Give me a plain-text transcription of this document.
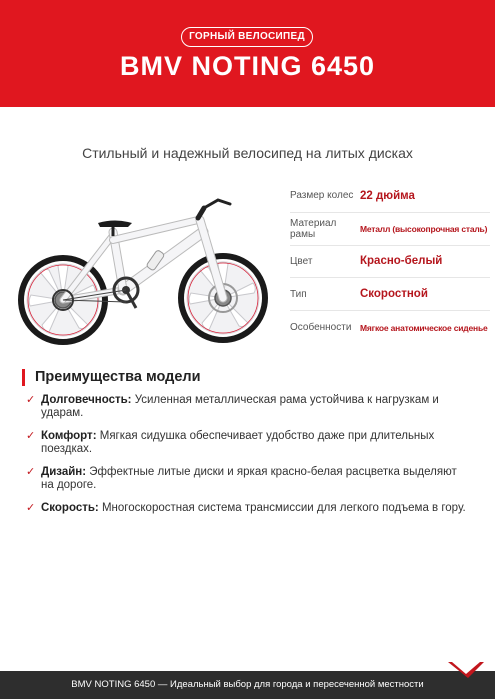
ГОРНЫЙ ВЕЛОСИПЕД
BMV NOTING 6450
Стильный и надежный велосипед на литых дисках
Размер колес 22 дюйма
Материал рамы	Металл (высокопрочная сталь)
Цвет	Красно-белый
Тип	Скоростной
Особенности	Мягкое анатомическое сиденье
Преимущества модели
✓ Долговечность: Усиленная металлическая рама устойчива к нагрузкам и ударам.
✓ Комфорт: Мягкая сидушка обеспечивает удобство даже при длительных поездках.
✓ Дизайн: Эффектные литые диски и яркая красно-белая расцветка выделяют на дороге.
✓ Скорость: Многоскоростная система трансмиссии для легкого подъема в гору.
BMV NOTING 6450 — Идеальный выбор для города и пересеченной местности
